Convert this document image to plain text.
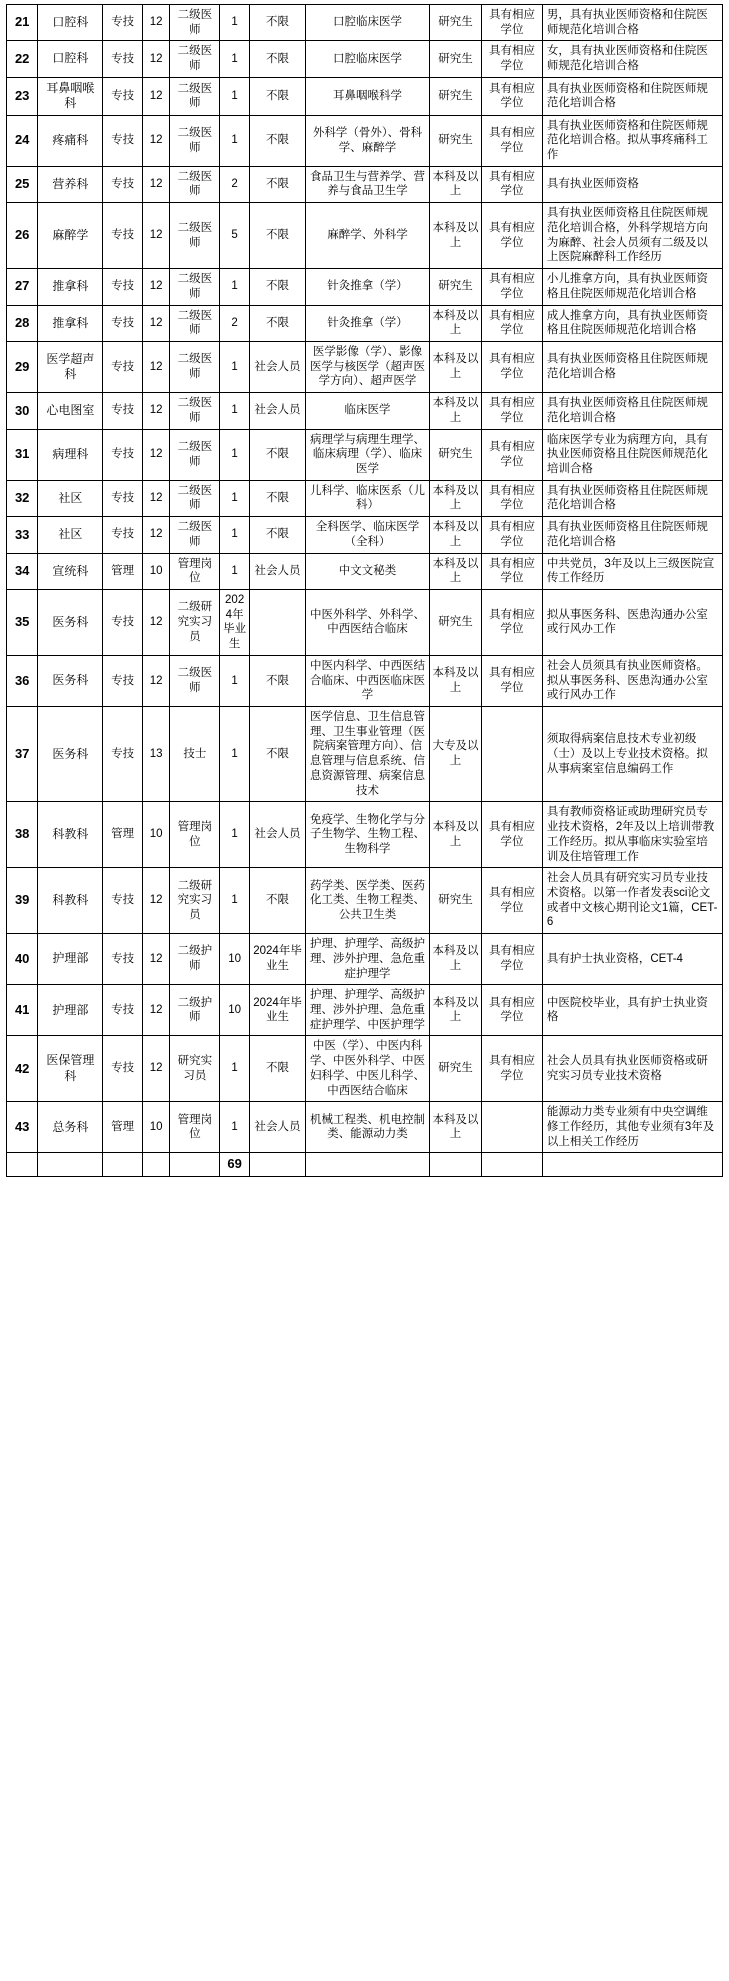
21	口腔科	专技	12	二级医师	1	不限	口腔临床医学	研究生	具有相应学位	男，具有执业医师资格和住院医师规范化培训合格
22	口腔科	专技	12	二级医师	1	不限	口腔临床医学	研究生	具有相应学位	女，具有执业医师资格和住院医师规范化培训合格
23	耳鼻咽喉科	专技	12	二级医师	1	不限	耳鼻咽喉科学	研究生	具有相应学位	具有执业医师资格和住院医师规范化培训合格
24	疼痛科	专技	12	二级医师	1	不限	外科学（骨外）、骨科学、麻醉学	研究生	具有相应学位	具有执业医师资格和住院医师规范化培训合格。拟从事疼痛科工作
25	营养科	专技	12	二级医师	2	不限	食品卫生与营养学、营养与食品卫生学	本科及以上	具有相应学位	具有执业医师资格
26	麻醉学	专技	12	二级医师	5	不限	麻醉学、外科学	本科及以上	具有相应学位	具有执业医师资格且住院医师规范化培训合格，外科学规培方向为麻醉、社会人员须有二级及以上医院麻醉科工作经历
27	推拿科	专技	12	二级医师	1	不限	针灸推拿（学）	研究生	具有相应学位	小儿推拿方向，具有执业医师资格且住院医师规范化培训合格
28	推拿科	专技	12	二级医师	2	不限	针灸推拿（学）	本科及以上	具有相应学位	成人推拿方向，具有执业医师资格且住院医师规范化培训合格
29	医学超声科	专技	12	二级医师	1	社会人员	医学影像（学）、影像医学与核医学（超声医学方向）、超声医学	本科及以上	具有相应学位	具有执业医师资格且住院医师规范化培训合格
30	心电图室	专技	12	二级医师	1	社会人员	临床医学	本科及以上	具有相应学位	具有执业医师资格且住院医师规范化培训合格
31	病理科	专技	12	二级医师	1	不限	病理学与病理生理学、临床病理（学）、临床医学	研究生	具有相应学位	临床医学专业为病理方向，具有执业医师资格且住院医师规范化培训合格
32	社区	专技	12	二级医师	1	不限	儿科学、临床医系（儿科）	本科及以上	具有相应学位	具有执业医师资格且住院医师规范化培训合格
33	社区	专技	12	二级医师	1	不限	全科医学、临床医学（全科）	本科及以上	具有相应学位	具有执业医师资格且住院医师规范化培训合格
34	宣统科	管理	10	管理岗位	1	社会人员	中文文秘类	本科及以上	具有相应学位	中共党员，3年及以上三级医院宣传工作经历
35	医务科	专技	12	二级研究实习员	2024年毕业生		中医外科学、外科学、中西医结合临床	研究生	具有相应学位	拟从事医务科、医患沟通办公室或行风办工作
36	医务科	专技	12	二级医师	1	不限	中医内科学、中西医结合临床、中西医临床医学	本科及以上	具有相应学位	社会人员须具有执业医师资格。拟从事医务科、医患沟通办公室或行风办工作
37	医务科	专技	13	技士	1	不限	医学信息、卫生信息管理、卫生事业管理（医院病案管理方向）、信息管理与信息系统、信息资源管理、病案信息技术	大专及以上		须取得病案信息技术专业初级（士）及以上专业技术资格。拟从事病案室信息编码工作
38	科教科	管理	10	管理岗位	1	社会人员	免疫学、生物化学与分子生物学、生物工程、生物科学	本科及以上	具有相应学位	具有教师资格证或助理研究员专业技术资格，2年及以上培训带教工作经历。拟从事临床实验室培训及住培管理工作
39	科教科	专技	12	二级研究实习员	1	不限	药学类、医学类、医药化工类、生物工程类、公共卫生类	研究生	具有相应学位	社会人员具有研究实习员专业技术资格。以第一作者发表sci论文或者中文核心期刊论文1篇，CET-6
40	护理部	专技	12	二级护师	10	2024年毕业生	护理、护理学、高级护理、涉外护理、急危重症护理学	本科及以上	具有相应学位	具有护士执业资格，CET-4
41	护理部	专技	12	二级护师	10	2024年毕业生	护理、护理学、高级护理、涉外护理、急危重症护理学、中医护理学	本科及以上	具有相应学位	中医院校毕业，具有护士执业资格
42	医保管理科	专技	12	研究实习员	1	不限	中医（学）、中医内科学、中医外科学、中医妇科学、中医儿科学、中西医结合临床	研究生	具有相应学位	社会人员具有执业医师资格或研究实习员专业技术资格
43	总务科	管理	10	管理岗位	1	社会人员	机械工程类、机电控制类、能源动力类	本科及以上		能源动力类专业须有中央空调维修工作经历，其他专业须有3年及以上相关工作经历
					69					
